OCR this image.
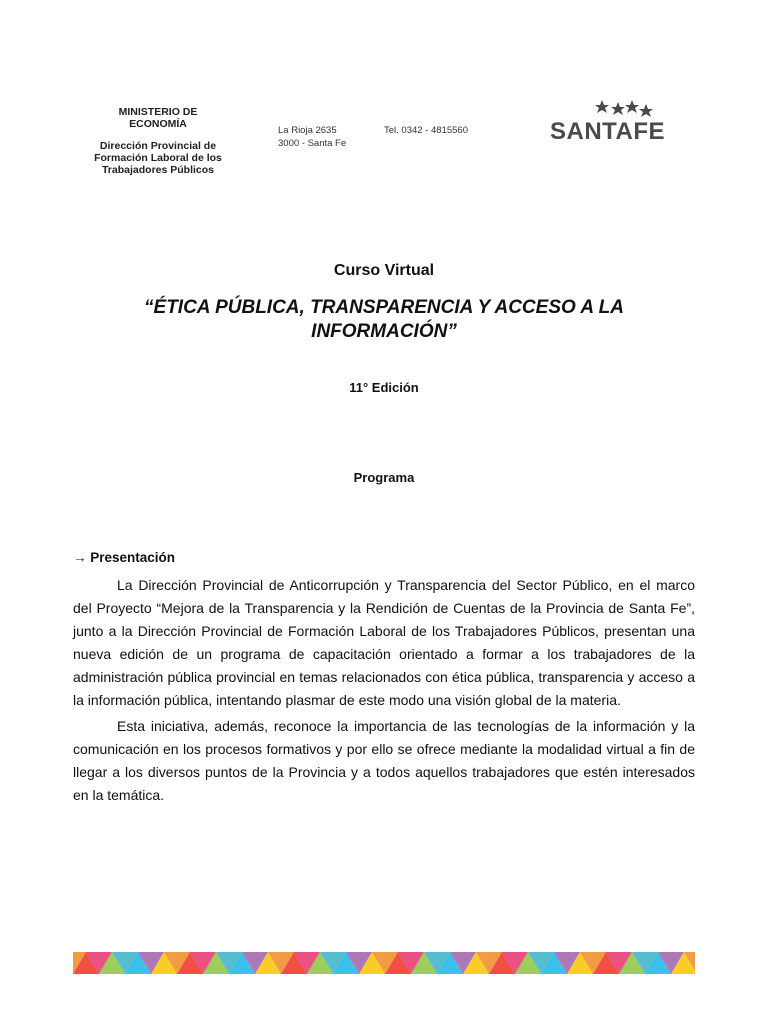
MINISTERIO DE
ECONOMÍA
Dirección Provincial de
Formación Laboral de los
Trabajadores Públicos
La Rioja 2635
3000 - Santa Fe
Tel. 0342 - 4815560	SANTAFE
Curso Virtual
“ÉTICA PÚBLICA, TRANSPARENCIA Y ACCESO A LA
INFORMACIÓN”
11° Edición
Programa
→ Presentación

La Dirección Provincial de Anticorrupción y Transparencia del Sector Público, en el marco del Proyecto “Mejora de la Transparencia y la Rendición de Cuentas de la Provincia de Santa Fe”, junto a la Dirección Provincial de Formación Laboral de los Trabajadores Públicos, presentan una nueva edición de un programa de capacitación orientado a formar a los trabajadores de la administración pública provincial en temas relacionados con ética pública, transparencia y acceso a la información pública, intentando plasmar de este modo una visión global de la materia.

Esta iniciativa, además, reconoce la importancia de las tecnologías de la información y la comunicación en los procesos formativos y por ello se ofrece mediante la modalidad virtual a fin de llegar a los diversos puntos de la Provincia y a todos aquellos trabajadores que estén interesados en la temática.
